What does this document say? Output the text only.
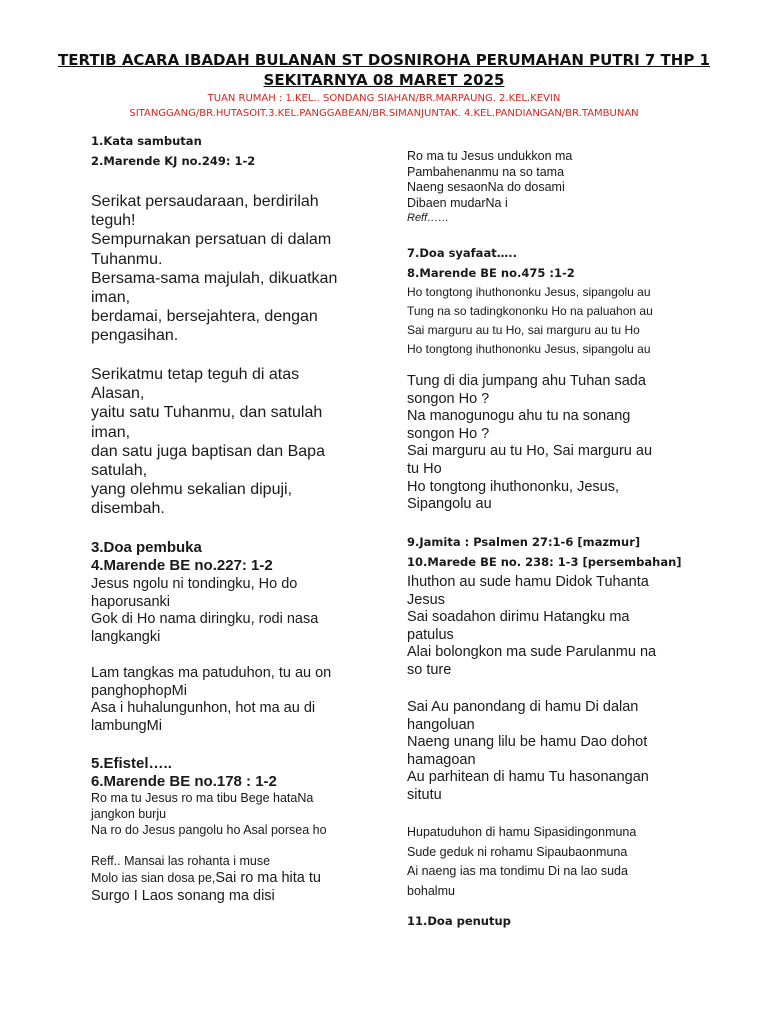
TERTIB ACARA IBADAH BULANAN ST DOSNIROHA PERUMAHAN PUTRI 7 THP 1
SEKITARNYA 08 MARET 2025
TUAN RUMAH : 1.KEL.. SONDANG SIAHAN/BR.MARPAUNG. 2.KEL.KEVIN
SITANGGANG/BR.HUTASOIT.3.KEL.PANGGABEAN/BR.SIMANJUNTAK. 4.KEL.PANDIANGAN/BR.TAMBUNAN
1.Kata sambutan
2.Marende KJ no.249: 1-2
Serikat persaudaraan, berdirilah
teguh!
Sempurnakan persatuan di dalam
Tuhanmu.
Bersama-sama majulah, dikuatkan
iman,
berdamai, bersejahtera, dengan
pengasihan.
Serikatmu tetap teguh di atas
Alasan,
yaitu satu Tuhanmu, dan satulah
iman,
dan satu juga baptisan dan Bapa
satulah,
yang olehmu sekalian dipuji,
disembah.
3.Doa pembuka
4.Marende BE no.227: 1-2
Jesus ngolu ni tondingku, Ho do
haporusanki
Gok di Ho nama diringku, rodi nasa
langkangki
Lam tangkas ma patuduhon, tu au on
panghophopMi
Asa i huhalungunhon, hot ma au di
lambungMi
5.Efistel…..
6.Marende BE no.178 : 1-2
Ro ma tu Jesus ro ma tibu Bege hataNa
jangkon burju
Na ro do Jesus pangolu ho Asal porsea ho
Reff.. Mansai las rohanta i muse
Molo ias sian dosa pe,Sai ro ma hita tu
Surgo I Laos sonang ma disi
Ro ma tu Jesus undukkon ma
Pambahenanmu na so tama
Naeng sesaonNa do dosami
Dibaen mudarNa i
Reff……
7.Doa syafaat…..
8.Marende BE no.475 :1-2
Ho tongtong ihuthononku Jesus, sipangolu au
Tung na so tadingkononku Ho na paluahon au
Sai marguru au tu Ho, sai marguru au tu Ho
Ho tongtong ihuthononku Jesus, sipangolu au
Tung di dia jumpang ahu Tuhan sada
songon Ho ?
Na manogunogu ahu tu na sonang
songon Ho ?
Sai marguru au tu Ho, Sai marguru au
tu Ho
Ho tongtong ihuthononku, Jesus,
Sipangolu au
9.Jamita : Psalmen 27:1-6 [mazmur]
10.Marede BE no. 238: 1-3 [persembahan]
Ihuthon au sude hamu Didok Tuhanta
Jesus
Sai soadahon dirimu Hatangku ma
patulus
Alai bolongkon ma sude Parulanmu na
so ture
Sai Au panondang di hamu Di dalan
hangoluan
Naeng unang lilu be hamu Dao dohot
hamagoan
Au parhitean di hamu Tu hasonangan
situtu
Hupatuduhon di hamu Sipasidingonmuna
Sude geduk ni rohamu Sipaubaonmuna
Ai naeng ias ma tondimu Di na lao suda
bohalmu
11.Doa penutup
